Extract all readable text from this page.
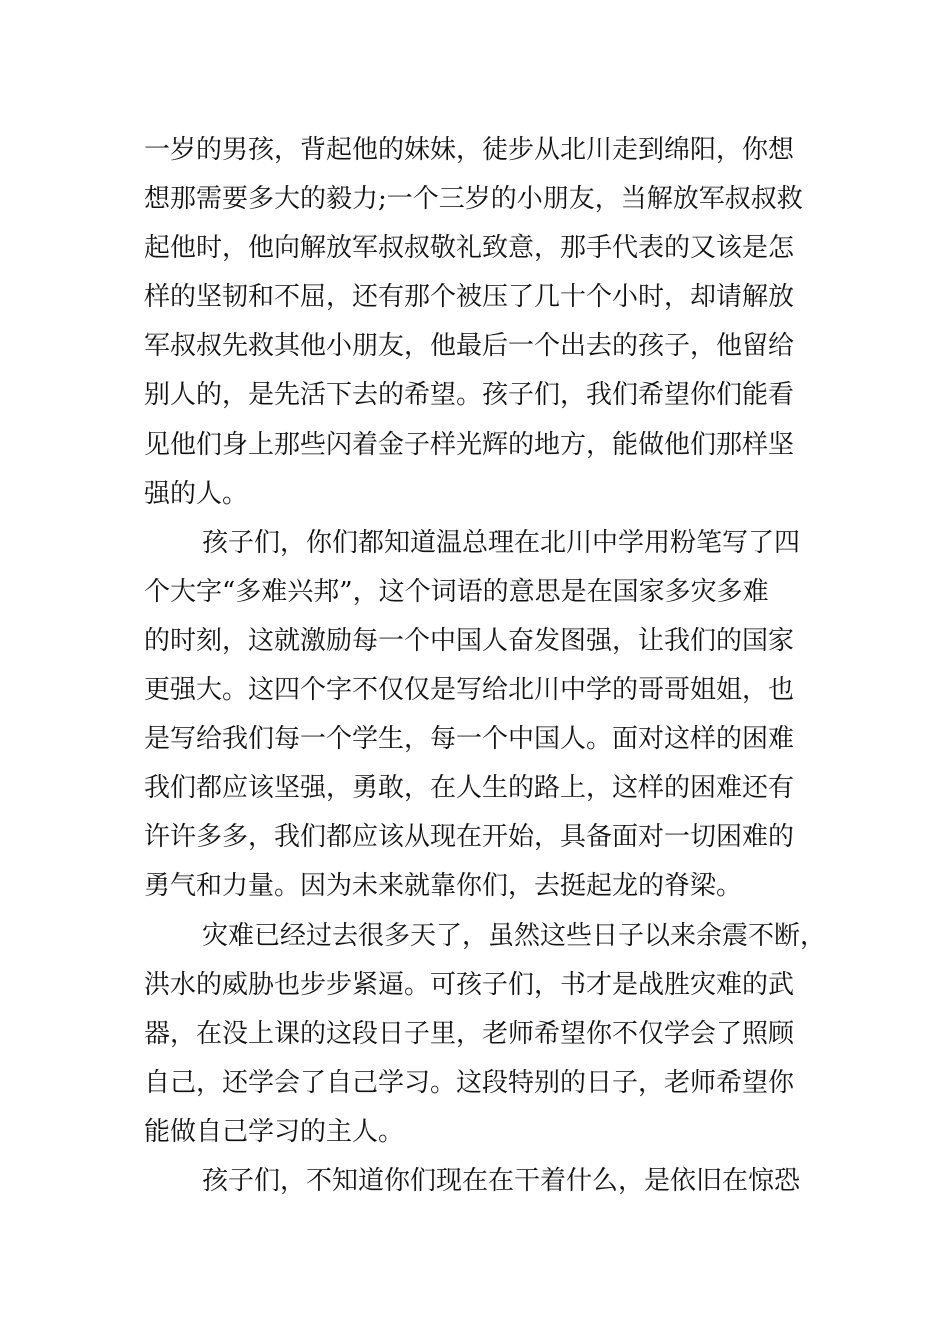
一岁的男孩，背起他的妹妹，徒步从北川走到绵阳，你想
想那需要多大的毅力;一个三岁的小朋友，当解放军叔叔救
起他时，他向解放军叔叔敬礼致意，那手代表的又该是怎
样的坚韧和不屈，还有那个被压了几十个小时，却请解放
军叔叔先救其他小朋友，他最后一个出去的孩子，他留给
别人的，是先活下去的希望。孩子们，我们希望你们能看
见他们身上那些闪着金子样光辉的地方，能做他们那样坚
强的人。
孩子们，你们都知道温总理在北川中学用粉笔写了四
个大字“多难兴邦”，这个词语的意思是在国家多灾多难
的时刻，这就激励每一个中国人奋发图强，让我们的国家
更强大。这四个字不仅仅是写给北川中学的哥哥姐姐，也
是写给我们每一个学生，每一个中国人。面对这样的困难
我们都应该坚强，勇敢，在人生的路上，这样的困难还有
许许多多，我们都应该从现在开始，具备面对一切困难的
勇气和力量。因为未来就靠你们，去挺起龙的脊梁。
灾难已经过去很多天了，虽然这些日子以来余震不断，
洪水的威胁也步步紧逼。可孩子们，书才是战胜灾难的武
器，在没上课的这段日子里，老师希望你不仅学会了照顾
自己，还学会了自己学习。这段特别的日子，老师希望你
能做自己学习的主人。
孩子们，不知道你们现在在干着什么，是依旧在惊恐
